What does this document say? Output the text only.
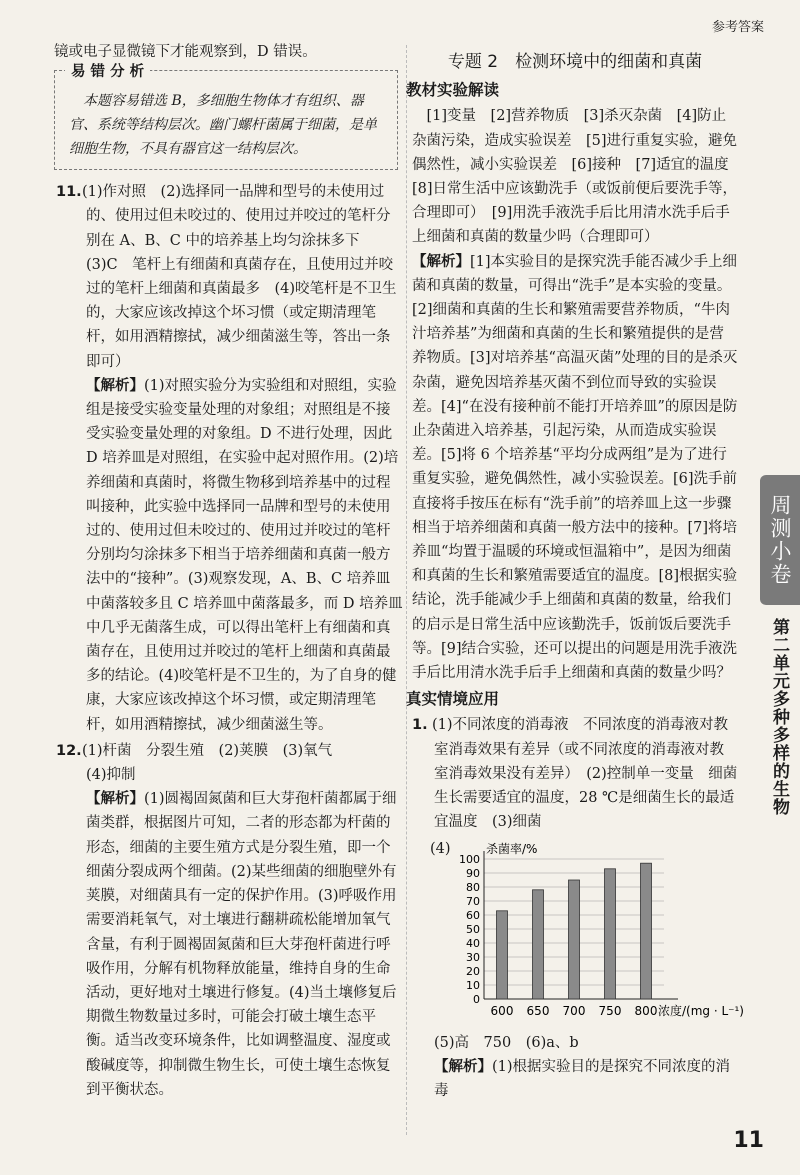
参考答案

镜或电子显微镜下才能观察到，D 错误。

易 错 分 析

本题容易错选 B，多细胞生物体才有组织、器官、系统等结构层次。幽门螺杆菌属于细菌，是单细胞生物，不具有器官这一结构层次。

11.(1)作对照　(2)选择同一品牌和型号的未使用过的、使用过但未咬过的、使用过并咬过的笔杆分别在 A、B、C 中的培养基上均匀涂抹多下

(3)C　笔杆上有细菌和真菌存在，且使用过并咬过的笔杆上细菌和真菌最多　(4)咬笔杆是不卫生的，大家应该改掉这个坏习惯（或定期清理笔杆，如用酒精擦拭，减少细菌滋生等，答出一条即可）

【解析】(1)对照实验分为实验组和对照组，实验组是接受实验变量处理的对象组；对照组是不接受实验变量处理的对象组。D 不进行处理，因此 D 培养皿是对照组，在实验中起对照作用。(2)培养细菌和真菌时，将微生物移到培养基中的过程叫接种，此实验中选择同一品牌和型号的未使用过的、使用过但未咬过的、使用过并咬过的笔杆分别均匀涂抹多下相当于培养细菌和真菌一般方法中的“接种”。(3)观察发现，A、B、C 培养皿中菌落较多且 C 培养皿中菌落最多，而 D 培养皿中几乎无菌落生成，可以得出笔杆上有细菌和真菌存在，且使用过并咬过的笔杆上细菌和真菌最多的结论。(4)咬笔杆是不卫生的，为了自身的健康，大家应该改掉这个坏习惯，或定期清理笔杆，如用酒精擦拭，减少细菌滋生等。

12.(1)杆菌　分裂生殖　(2)荚膜　(3)氧气

(4)抑制

【解析】(1)圆褐固氮菌和巨大芽孢杆菌都属于细菌类群，根据图片可知，二者的形态都为杆菌的形态，细菌的主要生殖方式是分裂生殖，即一个细菌分裂成两个细菌。(2)某些细菌的细胞壁外有荚膜，对细菌具有一定的保护作用。(3)呼吸作用需要消耗氧气，对土壤进行翻耕疏松能增加氧气含量，有利于圆褐固氮菌和巨大芽孢杆菌进行呼吸作用，分解有机物释放能量，维持自身的生命活动，更好地对土壤进行修复。(4)当土壤修复后期微生物数量过多时，可能会打破土壤生态平衡。适当改变环境条件，比如调整温度、湿度或酸碱度等，抑制微生物生长，可使土壤生态恢复到平衡状态。

专题 2　检测环境中的细菌和真菌
教材实验解读

[1]变量　[2]营养物质　[3]杀灭杂菌　[4]防止杂菌污染，造成实验误差　[5]进行重复实验，避免偶然性，减小实验误差　[6]接种　[7]适宜的温度　[8]日常生活中应该勤洗手（或饭前便后要洗手等，合理即可）　[9]用洗手液洗手后比用清水洗手后手上细菌和真菌的数量少吗（合理即可）

【解析】[1]本实验目的是探究洗手能否减少手上细菌和真菌的数量，可得出“洗手”是本实验的变量。[2]细菌和真菌的生长和繁殖需要营养物质，“牛肉汁培养基”为细菌和真菌的生长和繁殖提供的是营养物质。[3]对培养基“高温灭菌”处理的目的是杀灭杂菌，避免因培养基灭菌不到位而导致的实验误差。[4]“在没有接种前不能打开培养皿”的原因是防止杂菌进入培养基，引起污染，从而造成实验误差。[5]将 6 个培养基“平均分成两组”是为了进行重复实验，避免偶然性，减小实验误差。[6]洗手前直接将手按压在标有“洗手前”的培养皿上这一步骤相当于培养细菌和真菌一般方法中的接种。[7]将培养皿“均置于温暖的环境或恒温箱中”，是因为细菌和真菌的生长和繁殖需要适宜的温度。[8]根据实验结论，洗手能减少手上细菌和真菌的数量，给我们的启示是日常生活中应该勤洗手，饭前饭后要洗手等。[9]结合实验，还可以提出的问题是用洗手液洗手后比用清水洗手后手上细菌和真菌的数量少吗？

真实情境应用

1. (1)不同浓度的消毒液　不同浓度的消毒液对教室消毒效果有差异（或不同浓度的消毒液对教室消毒效果没有差异）　(2)控制单一变量　细菌生长需要适宜的温度，28 ℃是细菌生长的最适宜温度　(3)细菌

(4)
0
10
20
30
40
50
60
70
80
90
100
杀菌率/%
600 650 700 750 800 浓度/(mg · L⁻¹)

(5)高　750　(6)a、b

【解析】(1)根据实验目的是探究不同浓度的消毒

周测小卷
第二单元
多种多样的生物
11
